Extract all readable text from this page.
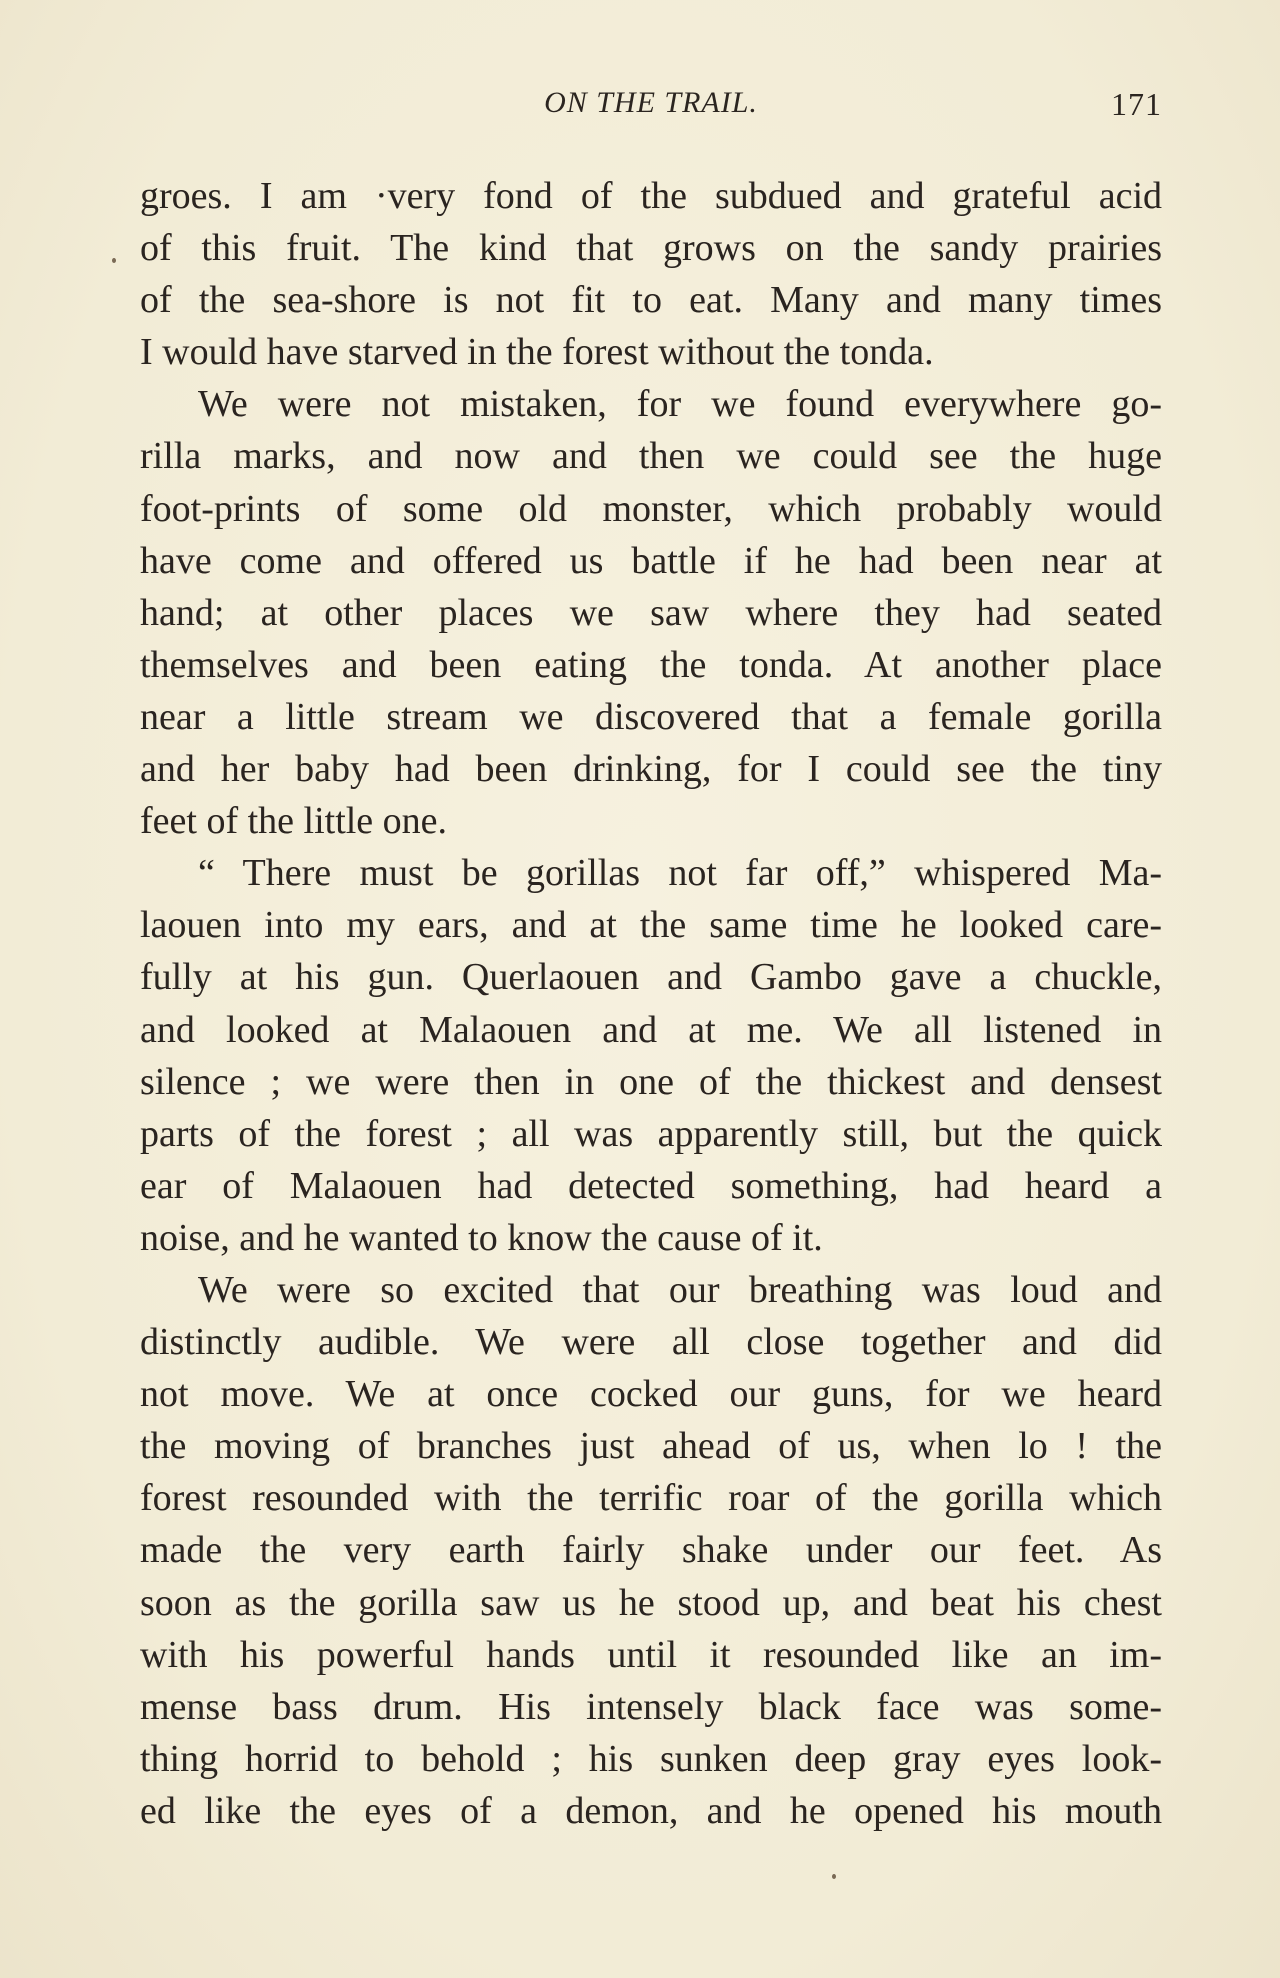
ON THE TRAIL.	171
groes. I am ·very fond of the subdued and grateful acid
of this fruit. The kind that grows on the sandy prairies
of the sea-shore is not fit to eat. Many and many times
I would have starved in the forest without the tonda.
We were not mistaken, for we found everywhere go-
rilla marks, and now and then we could see the huge
foot-prints of some old monster, which probably would
have come and offered us battle if he had been near at
hand; at other places we saw where they had seated
themselves and been eating the tonda. At another place
near a little stream we discovered that a female gorilla
and her baby had been drinking, for I could see the tiny
feet of the little one.
“ There must be gorillas not far off,” whispered Ma-
laouen into my ears, and at the same time he looked care-
fully at his gun. Querlaouen and Gambo gave a chuckle,
and looked at Malaouen and at me. We all listened in
silence ; we were then in one of the thickest and densest
parts of the forest ; all was apparently still, but the quick
ear of Malaouen had detected something, had heard a
noise, and he wanted to know the cause of it.
We were so excited that our breathing was loud and
distinctly audible. We were all close together and did
not move. We at once cocked our guns, for we heard
the moving of branches just ahead of us, when lo ! the
forest resounded with the terrific roar of the gorilla which
made the very earth fairly shake under our feet. As
soon as the gorilla saw us he stood up, and beat his chest
with his powerful hands until it resounded like an im-
mense bass drum. His intensely black face was some-
thing horrid to behold ; his sunken deep gray eyes look-
ed like the eyes of a demon, and he opened his mouth
